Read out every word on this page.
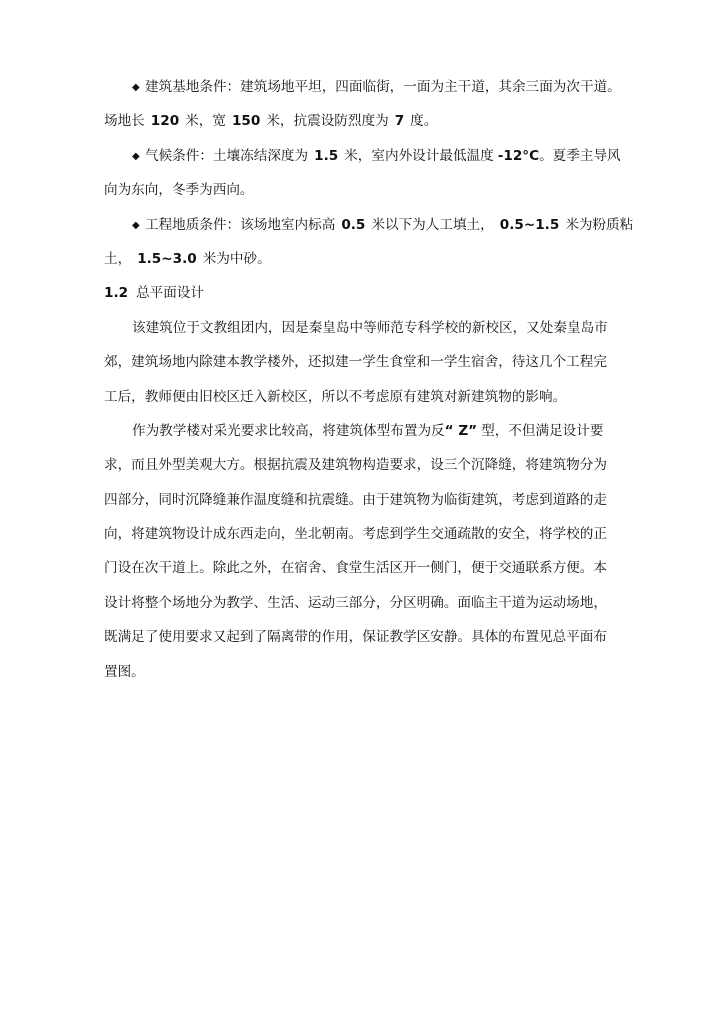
◆ 建筑基地条件：建筑场地平坦，四面临街，一面为主干道，其余三面为次干道。
场地长 120 米，宽 150 米，抗震设防烈度为 7 度。
◆ 气候条件：土壤冻结深度为 1.5 米，室内外设计最低温度 -12°C。夏季主导风
向为东向，冬季为西向。
◆ 工程地质条件：该场地室内标高 0.5 米以下为人工填土， 0.5~1.5 米为粉质粘
土， 1.5~3.0 米为中砂。
1.2 总平面设计
该建筑位于文教组团内，因是秦皇岛中等师范专科学校的新校区，又处秦皇岛市
郊，建筑场地内除建本教学楼外，还拟建一学生食堂和一学生宿舍，待这几个工程完
工后，教师便由旧校区迁入新校区，所以不考虑原有建筑对新建筑物的影响。
作为教学楼对采光要求比较高，将建筑体型布置为反“ Z” 型，不但满足设计要
求，而且外型美观大方。根据抗震及建筑物构造要求，设三个沉降缝，将建筑物分为
四部分，同时沉降缝兼作温度缝和抗震缝。由于建筑物为临街建筑，考虑到道路的走
向，将建筑物设计成东西走向，坐北朝南。考虑到学生交通疏散的安全，将学校的正
门设在次干道上。除此之外，在宿舍、食堂生活区开一侧门，便于交通联系方便。本
设计将整个场地分为教学、生活、运动三部分，分区明确。面临主干道为运动场地，
既满足了使用要求又起到了隔离带的作用，保证教学区安静。具体的布置见总平面布
置图。
